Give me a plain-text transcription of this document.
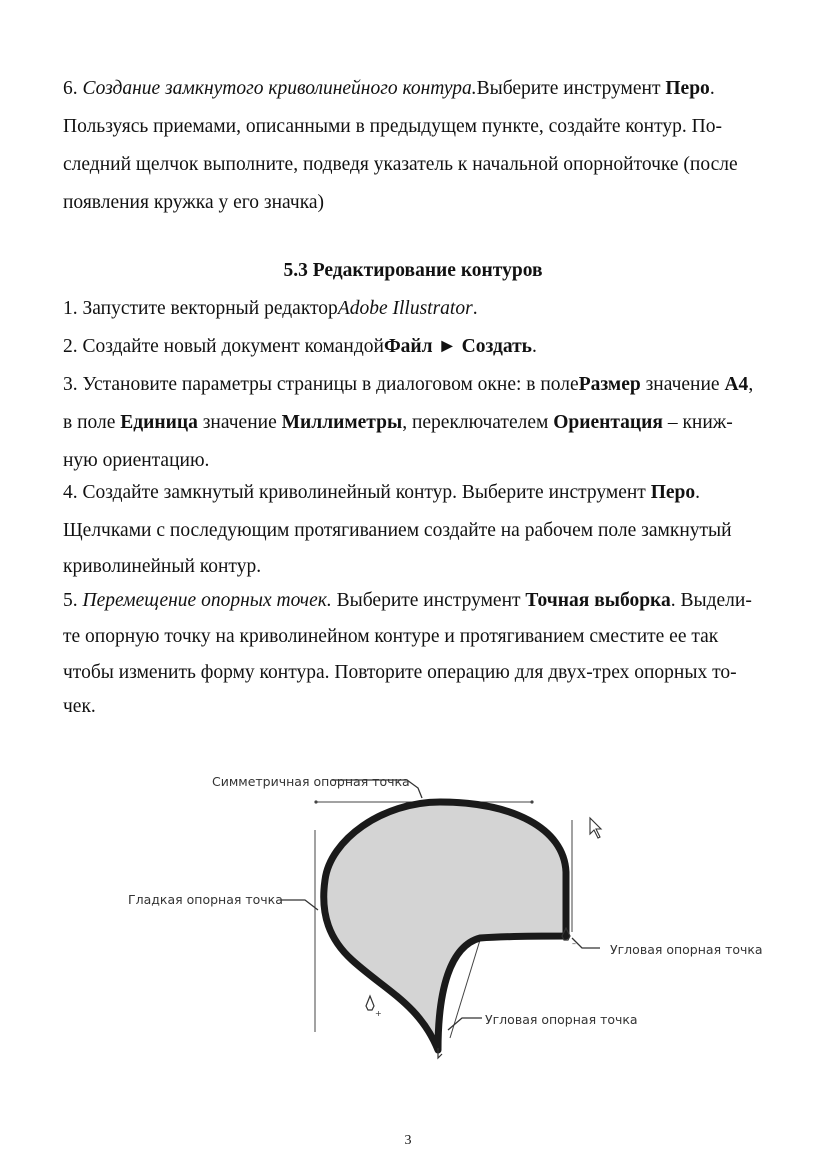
6. Создание замкнутого криволинейного контура.Выберите инструмент Перо.
Пользуясь приемами, описанными в предыдущем пункте, создайте контур. По-
следний щелчок выполните, подведя указатель к начальной опорнойточке (после
появления кружка у его значка)
5.3 Редактирование контуров
1. Запустите векторный редакторAdobe Illustrator.
2. Создайте новый документ командойФайл ► Создать.
3. Установите параметры страницы в диалоговом окне: в полеРазмер значение А4,
в поле Единица значение Миллиметры, переключателем Ориентация – книж-
ную ориентацию.
4. Создайте замкнутый криволинейный контур. Выберите инструмент Перо.
Щелчками с последующим протягиванием создайте на рабочем поле замкнутый
криволинейный контур.
5. Перемещение опорных точек. Выберите инструмент Точная выборка. Выдели-
те опорную точку на криволинейном контуре и протягиванием сместите ее так
чтобы изменить форму контура. Повторите операцию для двух-трех опорных то-
чек.
+
–
Симметричная опорная точка
Гладкая опорная точка
Угловая опорная точка
Угловая опорная точка
3
